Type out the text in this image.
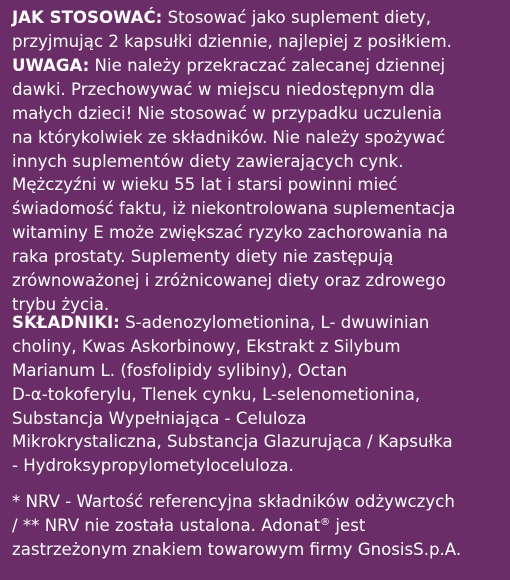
JAK STOSOWAĆ: Stosować jako suplement diety,
przyjmując 2 kapsułki dziennie, najlepiej z posiłkiem.
UWAGA: Nie należy przekraczać zalecanej dziennej
dawki. Przechowywać w miejscu niedostępnym dla
małych dzieci! Nie stosować w przypadku uczulenia
na którykolwiek ze składników. Nie należy spożywać
innych suplementów diety zawierających cynk.
Mężczyźni w wieku 55 lat i starsi powinni mieć
świadomość faktu, iż niekontrolowana suplementacja
witaminy E może zwiększać ryzyko zachorowania na
raka prostaty. Suplementy diety nie zastępują
zrównoważonej i zróżnicowanej diety oraz zdrowego
trybu życia.
SKŁADNIKI: S-adenozylometionina, L- dwuwinian
choliny, Kwas Askorbinowy, Ekstrakt z Silybum
Marianum L. (fosfolipidy sylibiny), Octan
D-α-tokoferylu, Tlenek cynku, L-selenometionina,
Substancja Wypełniająca - Celuloza
Mikrokrystaliczna, Substancja Glazurująca / Kapsułka
- Hydroksypropylometyloceluloza.
* NRV - Wartość referencyjna składników odżywczych
/ ** NRV nie została ustalona. Adonat® jest
zastrzeżonym znakiem towarowym firmy GnosisS.p.A.
